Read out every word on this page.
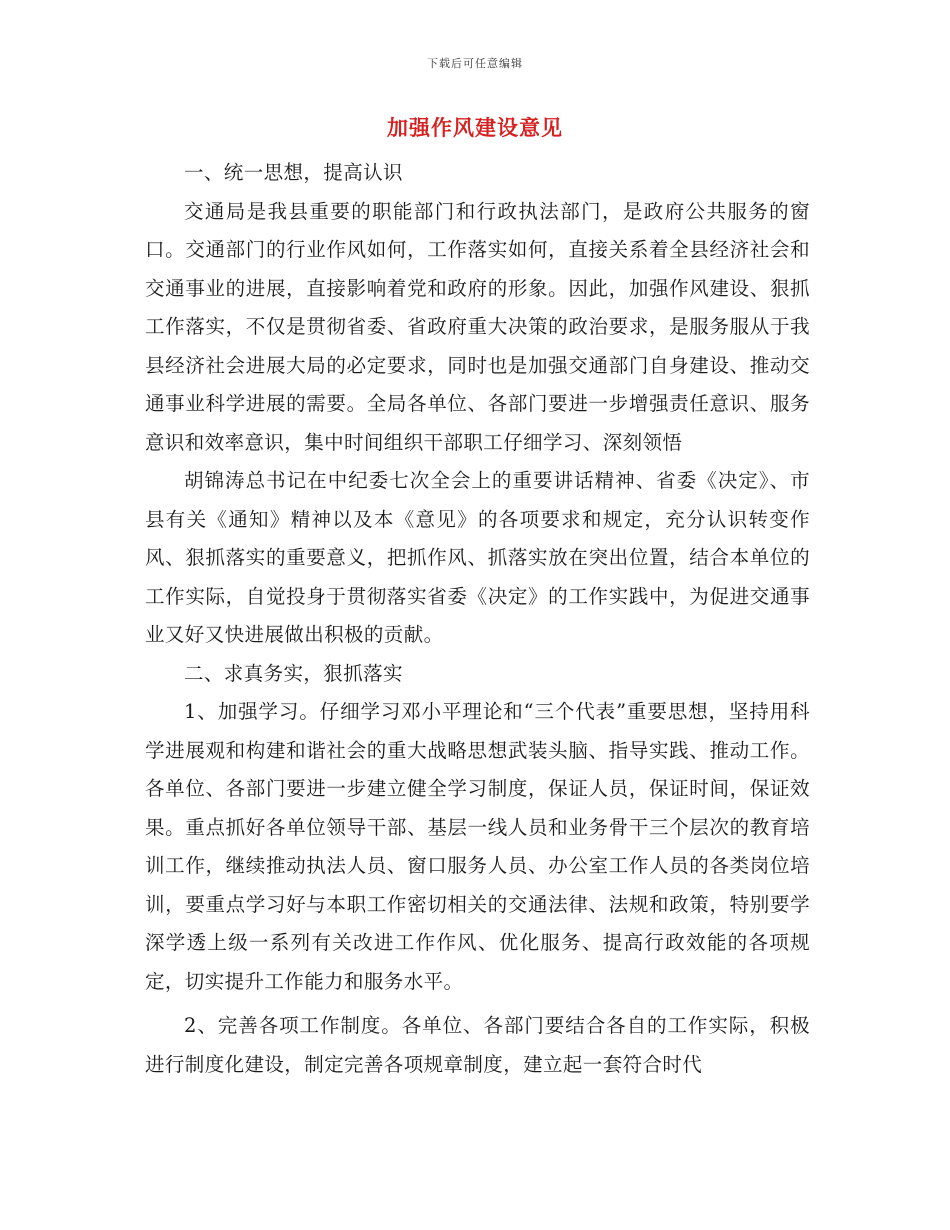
下载后可任意编辑
加强作风建设意见

一、统一思想，提高认识

交通局是我县重要的职能部门和行政执法部门，是政府公共服务的窗口。交通部门的行业作风如何，工作落实如何，直接关系着全县经济社会和交通事业的进展，直接影响着党和政府的形象。因此，加强作风建设、狠抓工作落实，不仅是贯彻省委、省政府重大决策的政治要求，是服务服从于我县经济社会进展大局的必定要求，同时也是加强交通部门自身建设、推动交通事业科学进展的需要。全局各单位、各部门要进一步增强责任意识、服务意识和效率意识，集中时间组织干部职工仔细学习、深刻领悟

胡锦涛总书记在中纪委七次全会上的重要讲话精神、省委《决定》、市县有关《通知》精神以及本《意见》的各项要求和规定，充分认识转变作风、狠抓落实的重要意义，把抓作风、抓落实放在突出位置，结合本单位的工作实际，自觉投身于贯彻落实省委《决定》的工作实践中，为促进交通事业又好又快进展做出积极的贡献。

二、求真务实，狠抓落实

1、加强学习。仔细学习邓小平理论和“三个代表”重要思想，坚持用科学进展观和构建和谐社会的重大战略思想武装头脑、指导实践、推动工作。各单位、各部门要进一步建立健全学习制度，保证人员，保证时间，保证效果。重点抓好各单位领导干部、基层一线人员和业务骨干三个层次的教育培训工作，继续推动执法人员、窗口服务人员、办公室工作人员的各类岗位培训，要重点学习好与本职工作密切相关的交通法律、法规和政策，特别要学深学透上级一系列有关改进工作作风、优化服务、提高行政效能的各项规定，切实提升工作能力和服务水平。

2、完善各项工作制度。各单位、各部门要结合各自的工作实际，积极进行制度化建设，制定完善各项规章制度，建立起一套符合时代
